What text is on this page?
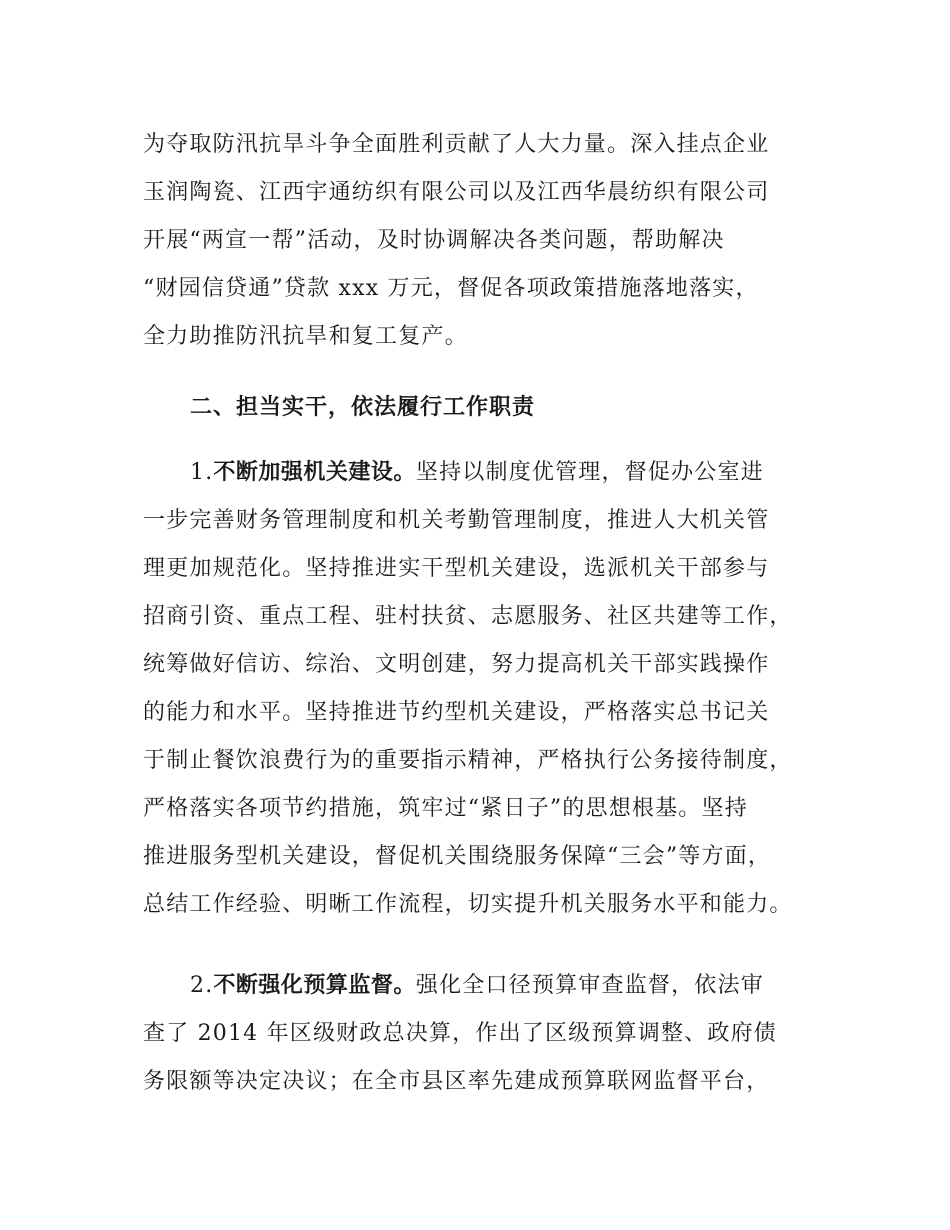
为夺取防汛抗旱斗争全面胜利贡献了人大力量。深入挂点企业
玉润陶瓷、江西宇通纺织有限公司以及江西华晨纺织有限公司
开展“两宣一帮”活动，及时协调解决各类问题，帮助解决
“财园信贷通”贷款 xxx 万元，督促各项政策措施落地落实，
全力助推防汛抗旱和复工复产。
二、担当实干，依法履行工作职责
1.不断加强机关建设。坚持以制度优管理，督促办公室进
一步完善财务管理制度和机关考勤管理制度，推进人大机关管
理更加规范化。坚持推进实干型机关建设，选派机关干部参与
招商引资、重点工程、驻村扶贫、志愿服务、社区共建等工作，
统筹做好信访、综治、文明创建，努力提高机关干部实践操作
的能力和水平。坚持推进节约型机关建设，严格落实总书记关
于制止餐饮浪费行为的重要指示精神，严格执行公务接待制度，
严格落实各项节约措施，筑牢过“紧日子”的思想根基。坚持
推进服务型机关建设，督促机关围绕服务保障“三会”等方面，
总结工作经验、明晰工作流程，切实提升机关服务水平和能力。
2.不断强化预算监督。强化全口径预算审查监督，依法审
查了 2014 年区级财政总决算，作出了区级预算调整、政府债
务限额等决定决议；在全市县区率先建成预算联网监督平台，
